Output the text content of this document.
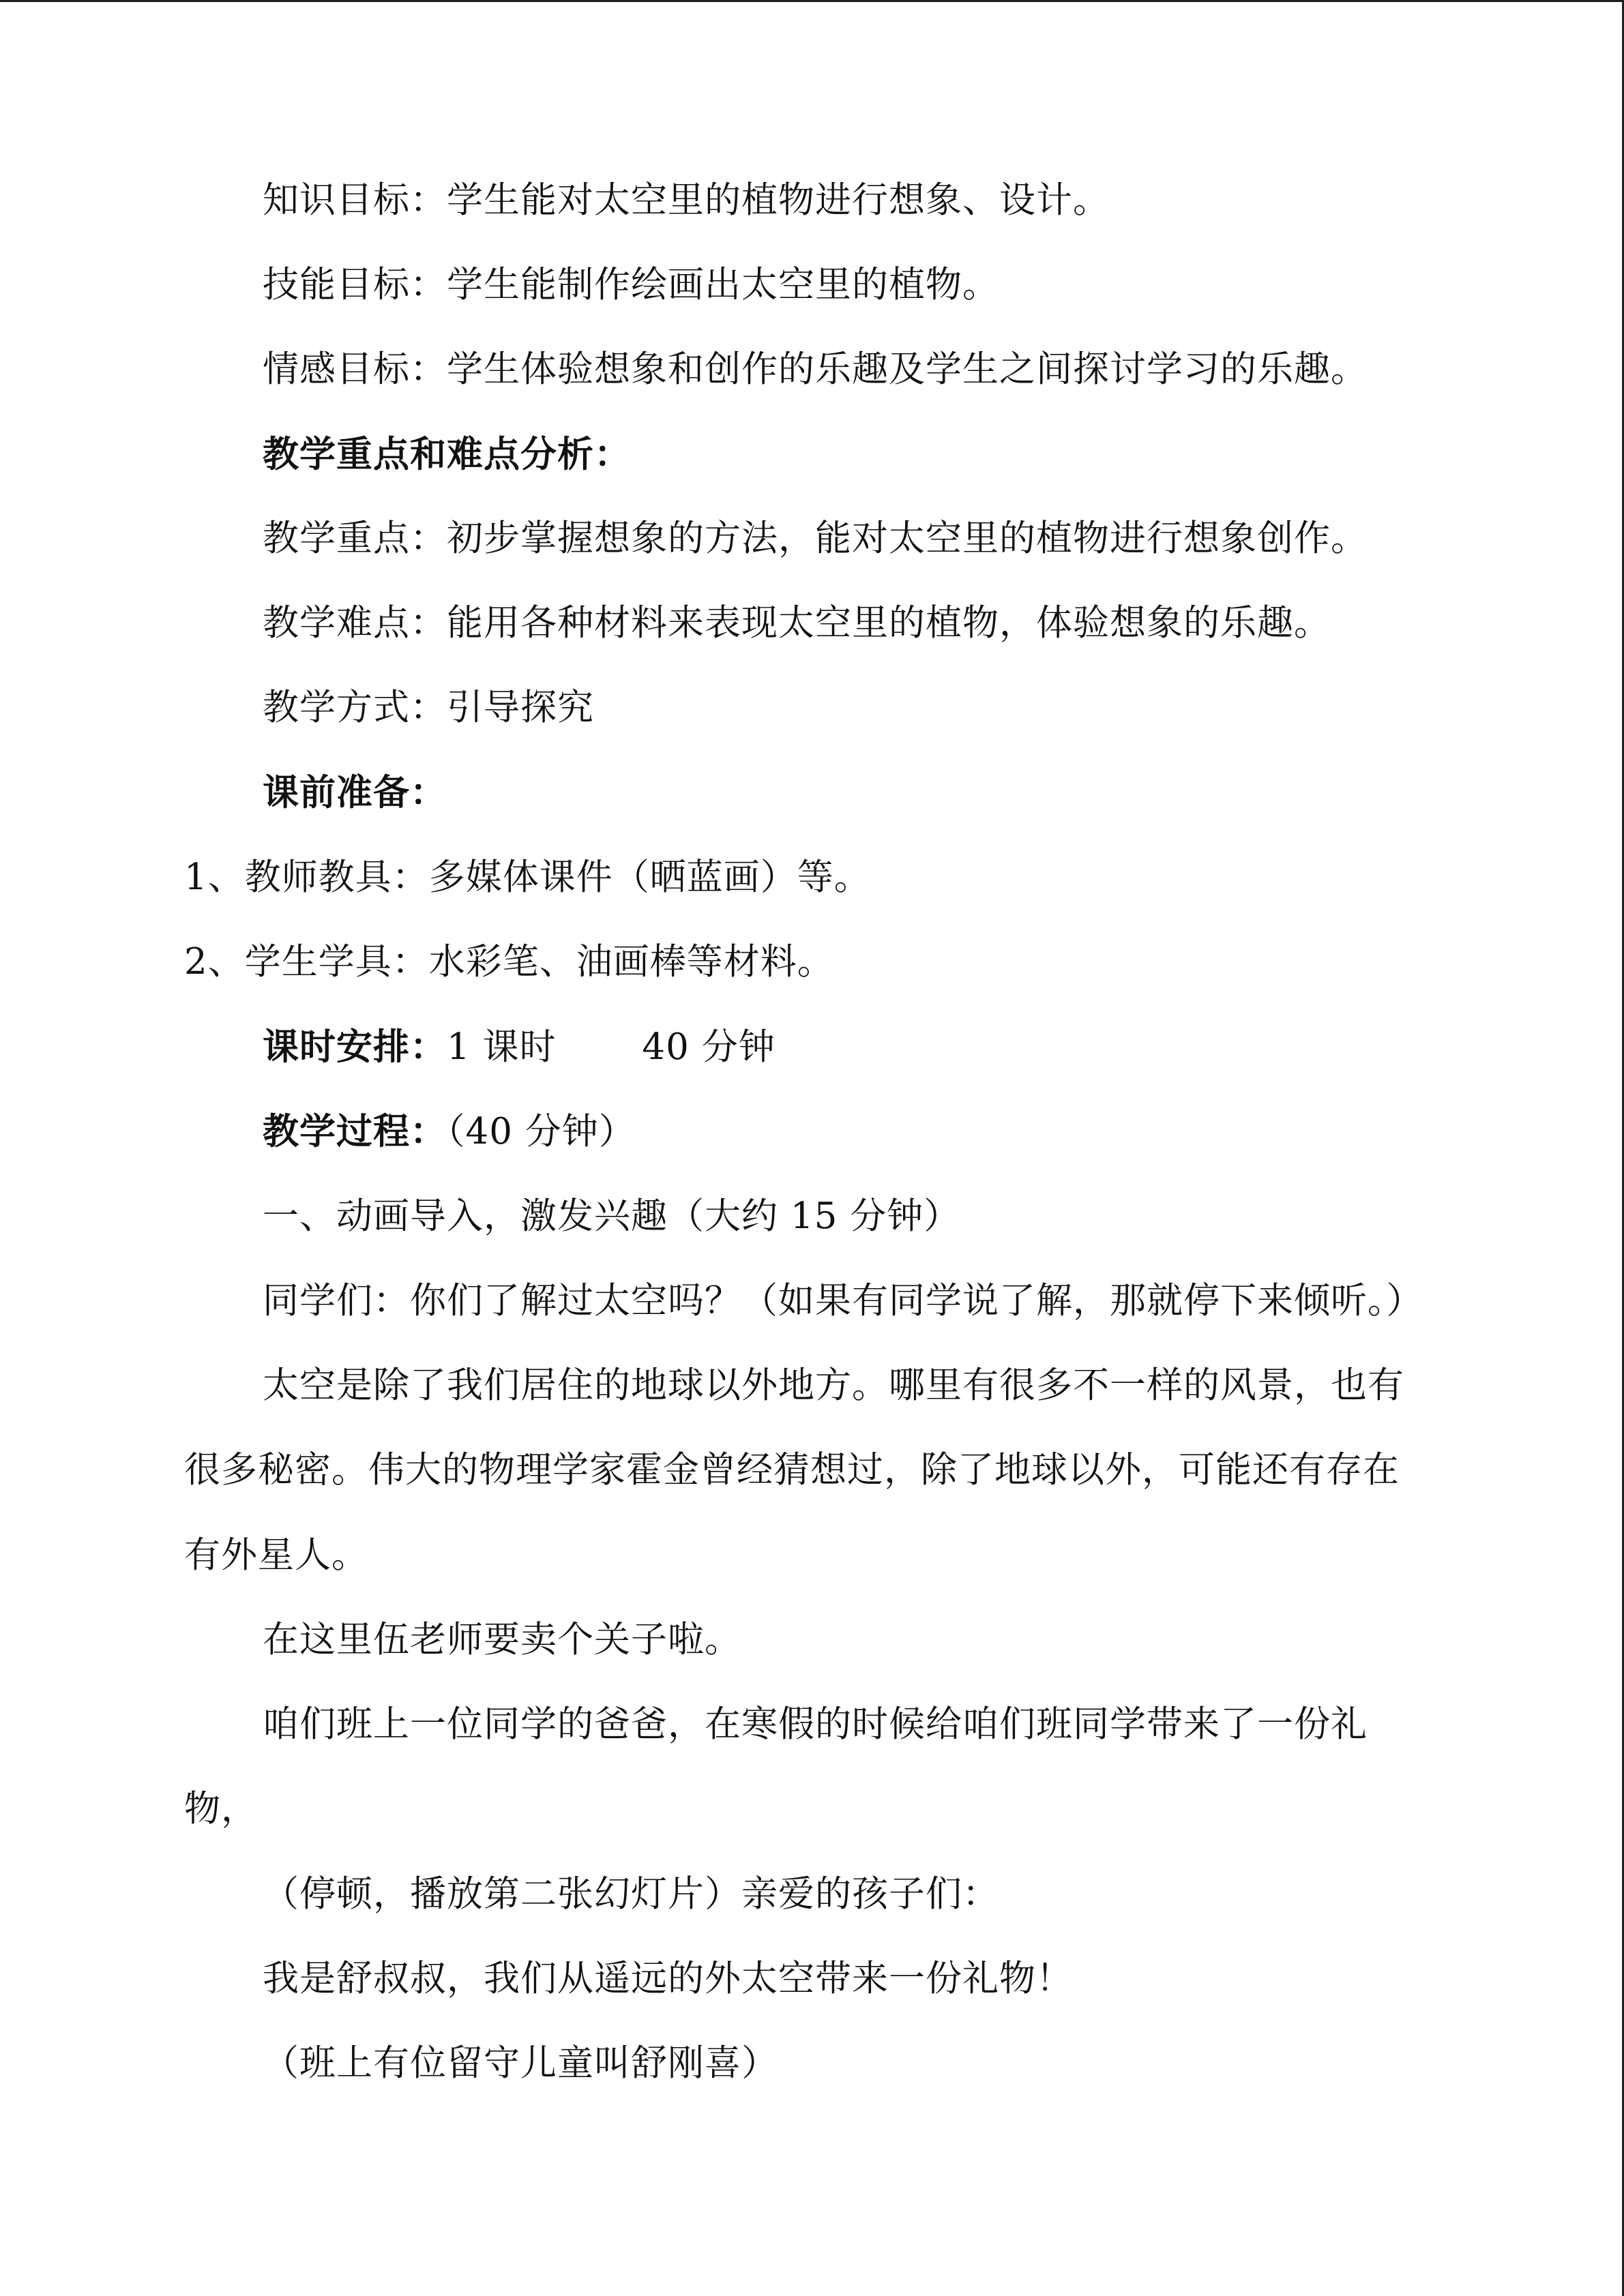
知识目标：学生能对太空里的植物进行想象、设计。
技能目标：学生能制作绘画出太空里的植物。
情感目标：学生体验想象和创作的乐趣及学生之间探讨学习的乐趣。
教学重点和难点分析：
教学重点：初步掌握想象的方法，能对太空里的植物进行想象创作。
教学难点：能用各种材料来表现太空里的植物，体验想象的乐趣。
教学方式：引导探究
课前准备：
1、教师教具：多媒体课件（晒蓝画）等。
2、学生学具：水彩笔、油画棒等材料。
课时安排：1 课时　　 40 分钟
教学过程：（40 分钟）
一、动画导入，激发兴趣（大约 15 分钟）
同学们：你们了解过太空吗？（如果有同学说了解，那就停下来倾听。）
太空是除了我们居住的地球以外地方。哪里有很多不一样的风景，也有
很多秘密。伟大的物理学家霍金曾经猜想过，除了地球以外，可能还有存在
有外星人。
在这里伍老师要卖个关子啦。
咱们班上一位同学的爸爸，在寒假的时候给咱们班同学带来了一份礼
物，
（停顿，播放第二张幻灯片）亲爱的孩子们：
我是舒叔叔，我们从遥远的外太空带来一份礼物！
（班上有位留守儿童叫舒刚喜）
